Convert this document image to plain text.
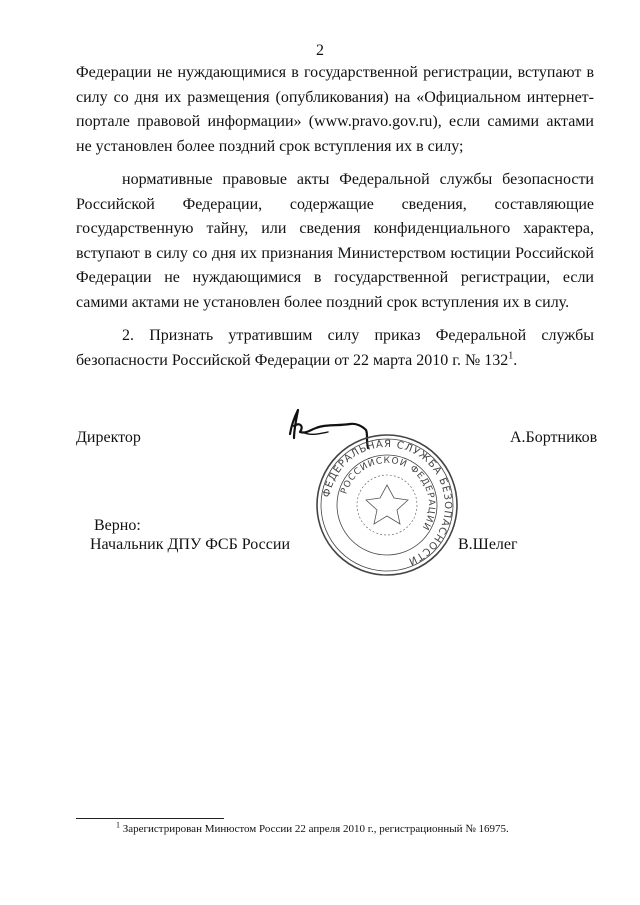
2
Федерации не нуждающимися в государственной регистрации, вступают в силу со дня их размещения (опубликования) на «Официальном интернет-портале правовой информации» (www.pravo.gov.ru), если самими актами не установлен более поздний срок вступления их в силу;
нормативные правовые акты Федеральной службы безопасности Российской Федерации, содержащие сведения, составляющие государственную тайну, или сведения конфиденциального характера, вступают в силу со дня их признания Министерством юстиции Российской Федерации не нуждающимися в государственной регистрации, если самими актами не установлен более поздний срок вступления их в силу.
2. Признать утратившим силу приказ Федеральной службы безопасности Российской Федерации от 22 марта 2010 г. № $132^1$.
Директор	А.Бортников
ФЕДЕРАЛЬНАЯ СЛУЖБА БЕЗОПАСНОСТИ
РОССИЙСКОЙ ФЕДЕРАЦИИ
Верно:
Начальник ДПУ ФСБ России	В.Шелег
$^1$ Зарегистрирован Минюстом России 22 апреля 2010 г., регистрационный № 16975.
